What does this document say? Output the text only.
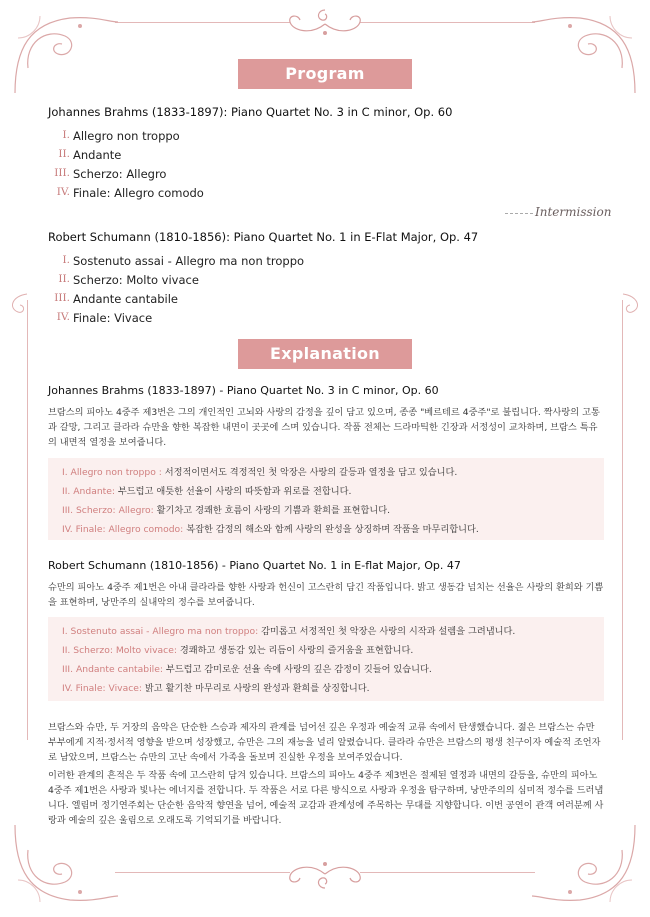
Program
Johannes Brahms (1833-1897): Piano Quartet No. 3 in C minor, Op. 60
I. Allegro non troppo
II. Andante
III. Scherzo: Allegro
IV. Finale: Allegro comodo
Intermission
Robert Schumann (1810-1856): Piano Quartet No. 1 in E-Flat Major, Op. 47
I. Sostenuto assai - Allegro ma non troppo
II. Scherzo: Molto vivace
III. Andante cantabile
IV. Finale: Vivace
Explanation
Johannes Brahms (1833-1897) - Piano Quartet No. 3 in C minor, Op. 60

브람스의 피아노 4중주 제3번은 그의 개인적인 고뇌와 사랑의 감정을 깊이 담고 있으며, 종종 "베르테르 4중주"로 불립니다. 짝사랑의 고통과 갈망, 그리고 클라라 슈만을 향한 복잡한 내면이 곳곳에 스며 있습니다. 작품 전체는 드라마틱한 긴장과 서정성이 교차하며, 브람스 특유의 내면적 열정을 보여줍니다.

I. Allegro non troppo : 서정적이면서도 격정적인 첫 악장은 사랑의 갈등과 열정을 담고 있습니다.
II. Andante: 부드럽고 애틋한 선율이 사랑의 따뜻함과 위로를 전합니다.
III. Scherzo: Allegro: 활기차고 경쾌한 흐름이 사랑의 기쁨과 환희를 표현합니다.
IV. Finale: Allegro comodo: 복잡한 감정의 해소와 함께 사랑의 완성을 상징하며 작품을 마무리합니다.
Robert Schumann (1810-1856) - Piano Quartet No. 1 in E-flat Major, Op. 47

슈만의 피아노 4중주 제1번은 아내 클라라를 향한 사랑과 헌신이 고스란히 담긴 작품입니다. 밝고 생동감 넘치는 선율은 사랑의 환희와 기쁨을 표현하며, 낭만주의 실내악의 정수를 보여줍니다.

I. Sostenuto assai - Allegro ma non troppo: 감미롭고 서정적인 첫 악장은 사랑의 시작과 설렘을 그려냅니다.
II. Scherzo: Molto vivace: 경쾌하고 생동감 있는 리듬이 사랑의 즐거움을 표현합니다.
III. Andante cantabile: 부드럽고 감미로운 선율 속에 사랑의 깊은 감정이 깃들어 있습니다.
IV. Finale: Vivace: 밝고 활기찬 마무리로 사랑의 완성과 환희를 상징합니다.

브람스와 슈만, 두 거장의 음악은 단순한 스승과 제자의 관계를 넘어선 깊은 우정과 예술적 교류 속에서 탄생했습니다. 젊은 브람스는 슈만 부부에게 지적·정서적 영향을 받으며 성장했고, 슈만은 그의 재능을 널리 알렸습니다. 클라라 슈만은 브람스의 평생 친구이자 예술적 조언자로 남았으며, 브람스는 슈만의 고난 속에서 가족을 돌보며 진실한 우정을 보여주었습니다.

이러한 관계의 흔적은 두 작품 속에 고스란히 담겨 있습니다. 브람스의 피아노 4중주 제3번은 절제된 열정과 내면의 갈등을, 슈만의 피아노 4중주 제1번은 사랑과 빛나는 에너지를 전합니다. 두 작품은 서로 다른 방식으로 사랑과 우정을 탐구하며, 낭만주의의 심미적 정수를 드러냅니다. 엘림머 정기연주회는 단순한 음악적 향연을 넘어, 예술적 교감과 관계성에 주목하는 무대를 지향합니다. 이번 공연이 관객 여러분께 사랑과 예술의 깊은 울림으로 오래도록 기억되기를 바랍니다.
